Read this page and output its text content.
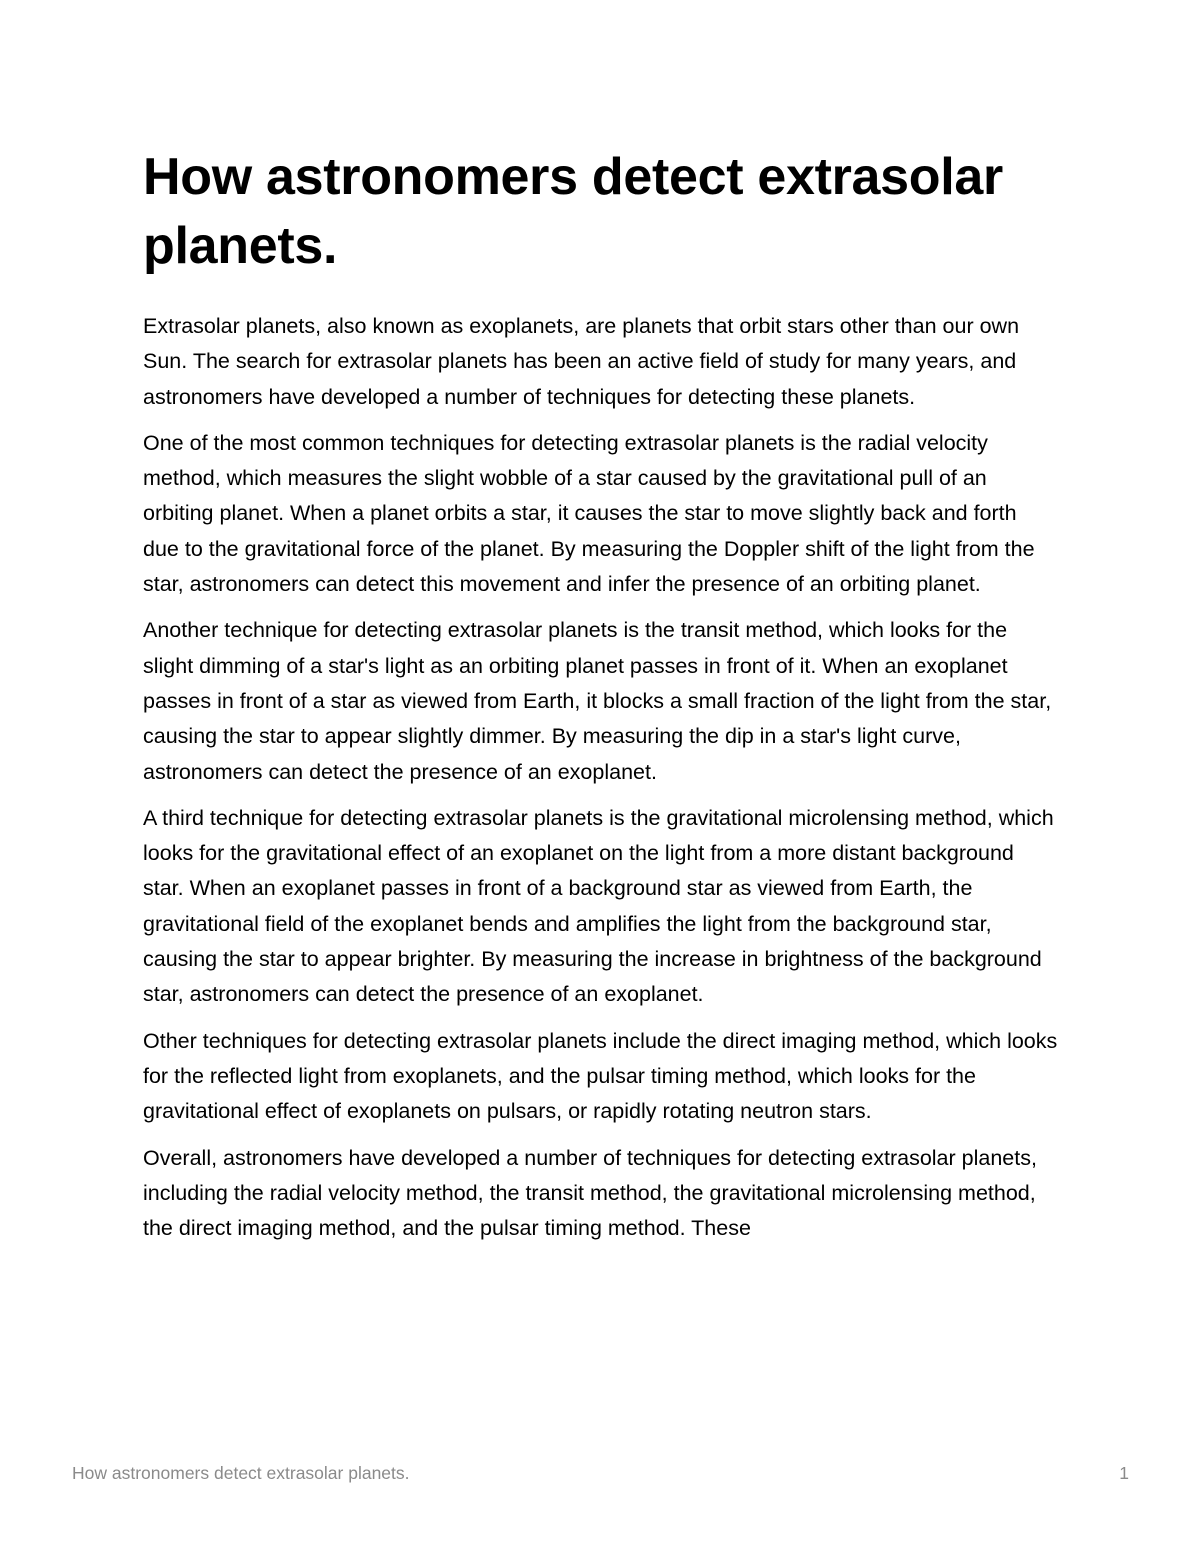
How astronomers detect extrasolar planets.

Extrasolar planets, also known as exoplanets, are planets that orbit stars other than our own Sun. The search for extrasolar planets has been an active field of study for many years, and astronomers have developed a number of techniques for detecting these planets.

One of the most common techniques for detecting extrasolar planets is the radial velocity method, which measures the slight wobble of a star caused by the gravitational pull of an orbiting planet. When a planet orbits a star, it causes the star to move slightly back and forth due to the gravitational force of the planet. By measuring the Doppler shift of the light from the star, astronomers can detect this movement and infer the presence of an orbiting planet.

Another technique for detecting extrasolar planets is the transit method, which looks for the slight dimming of a star's light as an orbiting planet passes in front of it. When an exoplanet passes in front of a star as viewed from Earth, it blocks a small fraction of the light from the star, causing the star to appear slightly dimmer. By measuring the dip in a star's light curve, astronomers can detect the presence of an exoplanet.

A third technique for detecting extrasolar planets is the gravitational microlensing method, which looks for the gravitational effect of an exoplanet on the light from a more distant background star. When an exoplanet passes in front of a background star as viewed from Earth, the gravitational field of the exoplanet bends and amplifies the light from the background star, causing the star to appear brighter. By measuring the increase in brightness of the background star, astronomers can detect the presence of an exoplanet.

Other techniques for detecting extrasolar planets include the direct imaging method, which looks for the reflected light from exoplanets, and the pulsar timing method, which looks for the gravitational effect of exoplanets on pulsars, or rapidly rotating neutron stars.

Overall, astronomers have developed a number of techniques for detecting extrasolar planets, including the radial velocity method, the transit method, the gravitational microlensing method, the direct imaging method, and the pulsar timing method. These

How astronomers detect extrasolar planets.	1
